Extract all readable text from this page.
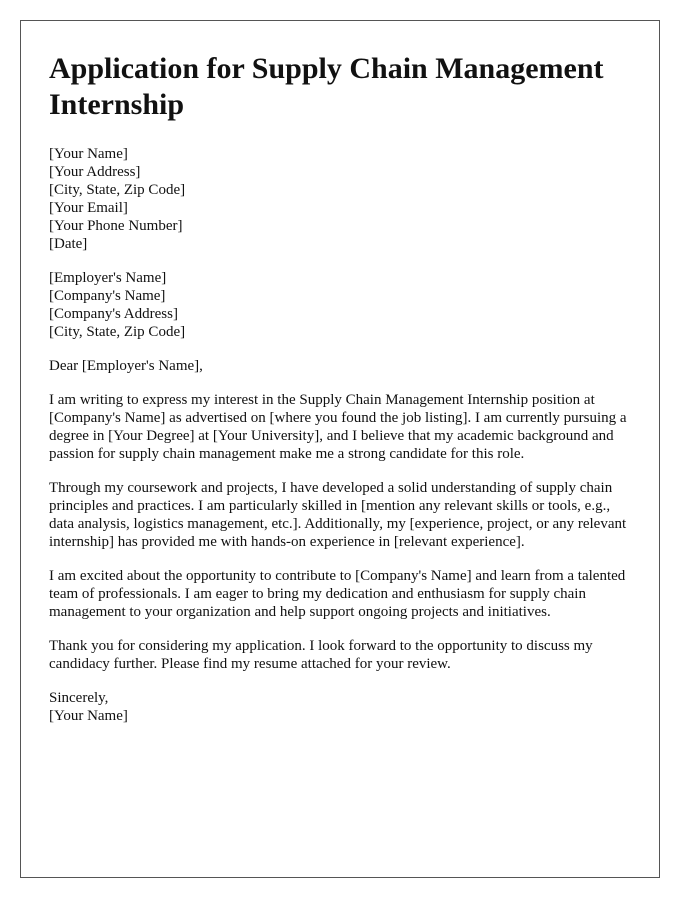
Application for Supply Chain Management Internship
[Your Name]
[Your Address]
[City, State, Zip Code]
[Your Email]
[Your Phone Number]
[Date]
[Employer's Name]
[Company's Name]
[Company's Address]
[City, State, Zip Code]

Dear [Employer's Name],

I am writing to express my interest in the Supply Chain Management Internship position at [Company's Name] as advertised on [where you found the job listing]. I am currently pursuing a degree in [Your Degree] at [Your University], and I believe that my academic background and passion for supply chain management make me a strong candidate for this role.

Through my coursework and projects, I have developed a solid understanding of supply chain principles and practices. I am particularly skilled in [mention any relevant skills or tools, e.g., data analysis, logistics management, etc.]. Additionally, my [experience, project, or any relevant internship] has provided me with hands-on experience in [relevant experience].

I am excited about the opportunity to contribute to [Company's Name] and learn from a talented team of professionals. I am eager to bring my dedication and enthusiasm for supply chain management to your organization and help support ongoing projects and initiatives.

Thank you for considering my application. I look forward to the opportunity to discuss my candidacy further. Please find my resume attached for your review.

Sincerely,
[Your Name]
